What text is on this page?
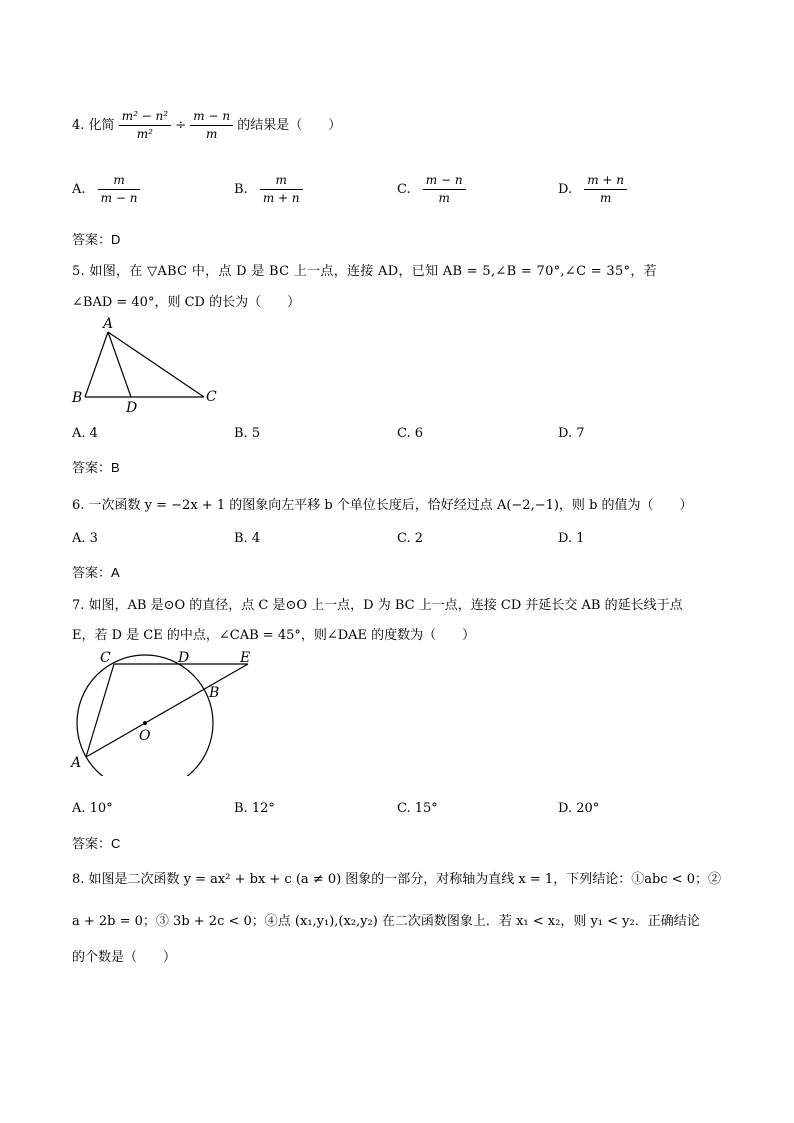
4. 化简 $\frac{\text{m² − n²}}{\text{m²}} \div \frac{m - n}{m}$ 的结果是（　　）
A. $\frac{m}{m - n}$	B. $\frac{m}{m + n}$	C. $\frac{m - n}{m}$	D. $\frac{m + n}{m}$
答案：D
5. 如图，在 ▽ABC 中，点 D 是 BC 上一点，连接 AD，已知 AB = 5,∠B = 70°,∠C = 35°，若
∠BAD = 40°，则 CD 的长为（　　）
A
B	C
D
A. 4	B. 5	C. 6	D. 7
答案：B
6. 一次函数 y = −2x + 1 的图象向左平移 b 个单位长度后，恰好经过点 A(−2,−1)，则 b 的值为（　　）
A. 3	B. 4	C. 2	D. 1
答案：A
7. 如图，AB 是⊙O 的直径，点 C 是⊙O 上一点，D 为 BC 上一点，连接 CD 并延长交 AB 的延长线于点
E，若 D 是 CE 的中点，∠CAB = 45°，则∠DAE 的度数为（　　）
C	D	E
B
O
A
A. 10°	B. 12°	C. 15°	D. 20°
答案：C
8. 如图是二次函数 y = ax² + bx + c (a ≠ 0) 图象的一部分，对称轴为直线 x = 1，下列结论：①abc < 0；②
a + 2b = 0；③ 3b + 2c < 0；④点 (x₁,y₁),(x₂,y₂) 在二次函数图象上．若 x₁ < x₂，则 y₁ < y₂．正确结论
的个数是（　　）
